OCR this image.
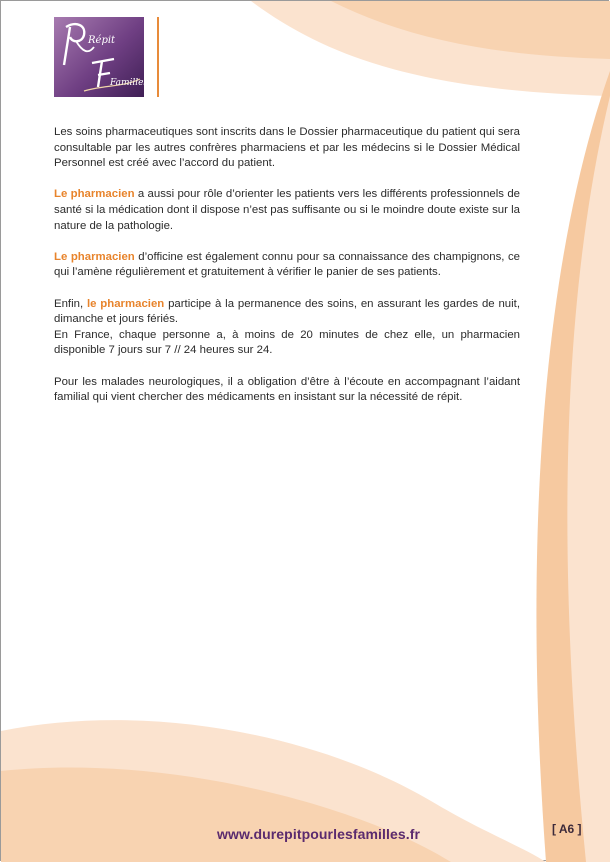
Répit
Familles

Les soins pharmaceutiques sont inscrits dans le Dossier pharmaceutique du patient qui sera consultable par les autres confrères pharmaciens et par les médecins si le Dossier Médical Personnel est créé avec l’accord du patient.

Le pharmacien a aussi pour rôle d’orienter les patients vers les différents professionnels de santé si la médication dont il dispose n’est pas suffisante ou si le moindre doute existe sur la nature de la pathologie.

Le pharmacien d’officine est également connu pour sa connaissance des champignons, ce qui l’amène régulièrement et gratuitement à vérifier le panier de ses patients.

Enfin, le pharmacien participe à la permanence des soins, en assurant les gardes de nuit, dimanche et jours fériés.

En France, chaque personne a, à moins de 20 minutes de chez elle, un pharmacien disponible 7 jours sur 7 // 24 heures sur 24.

Pour les malades neurologiques, il a obligation d’être à l’écoute en accompagnant l’aidant familial qui vient chercher des médicaments en insistant sur la nécessité de répit.

www.durepitpourlesfamilles.fr	[ A6 ]
